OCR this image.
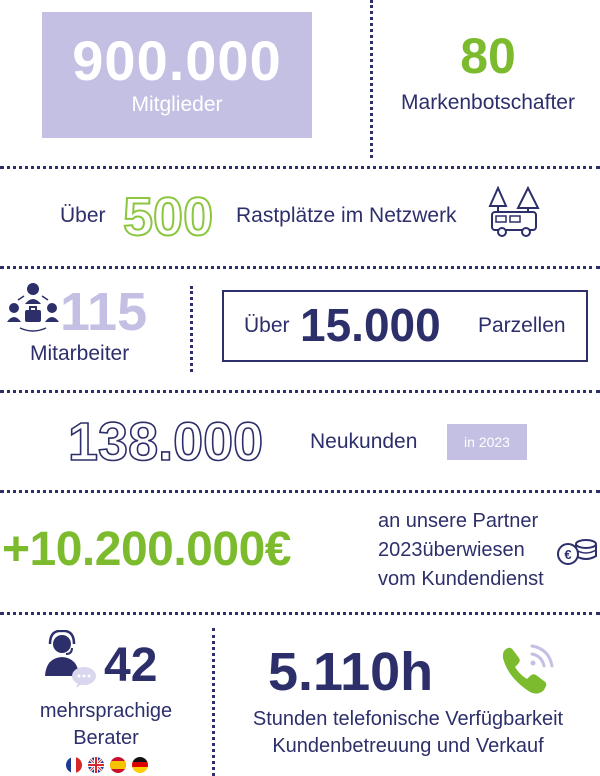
900.000
Mitglieder
80
Markenbotschafter
Über 500 Rastplätze im Netzwerk
115
Mitarbeiter
Über 15.000 Parzellen
138.000 Neukunden	in 2023
+10.200.000€
an unsere Partner
2023überwiesen
vom Kundendienst
€
42
mehrsprachige
Berater
5.110h
Stunden telefonische Verfügbarkeit
Kundenbetreuung und Verkauf
